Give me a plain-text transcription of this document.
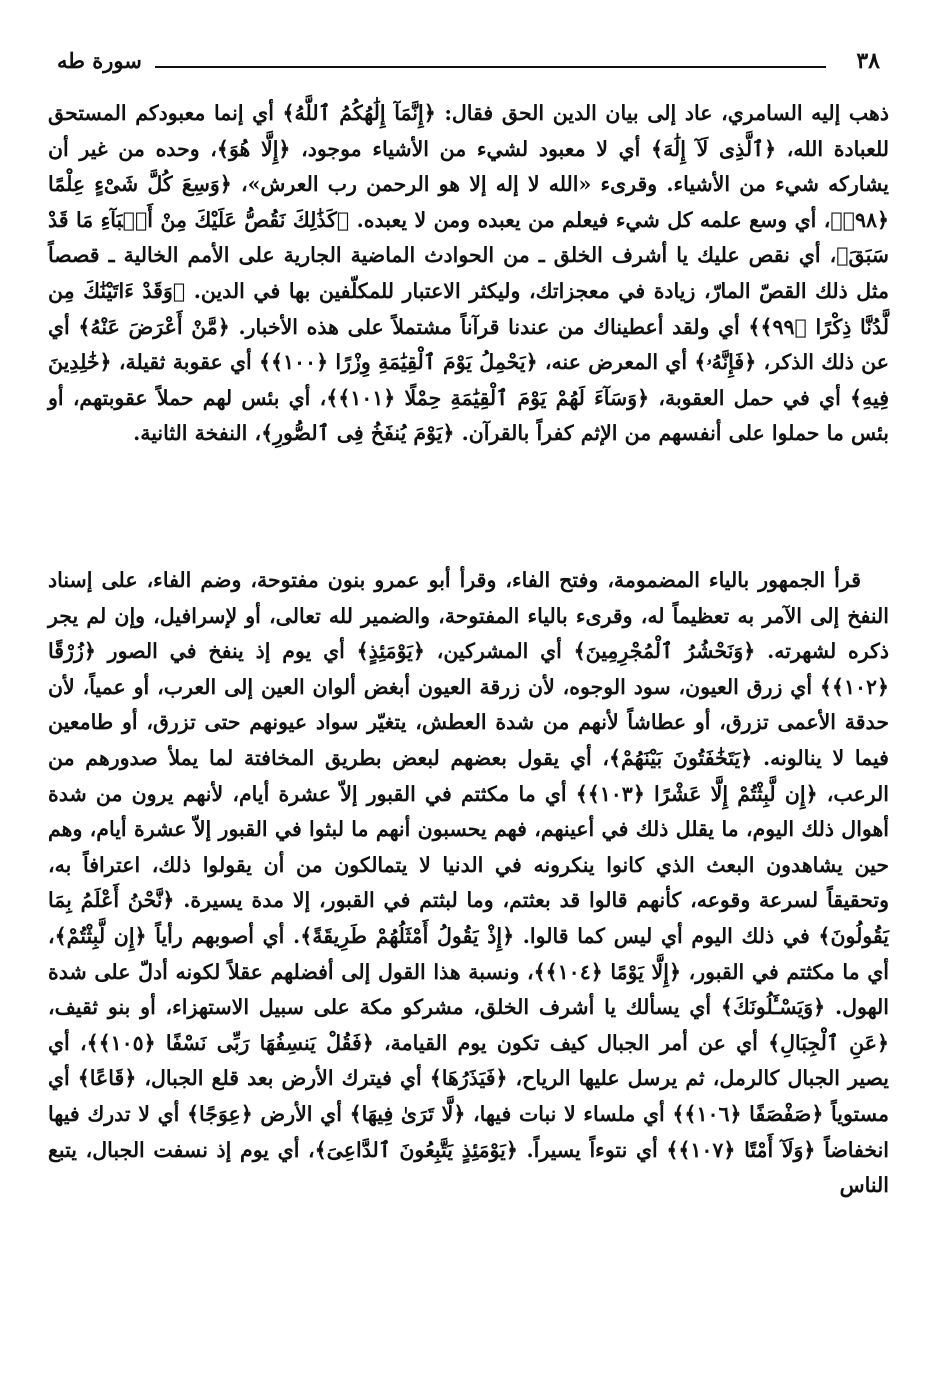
٣٨
سورة طه

ذهب إليه السامري، عاد إلى بيان الدين الحق فقال: ﴿إِنَّمَآ إِلَٰهُكُمُ ٱللَّهُ﴾ أي إنما معبودكم المستحق للعبادة الله، ﴿ٱلَّذِى لَآ إِلَٰهَ﴾ أي لا معبود لشيء من الأشياء موجود، ﴿إِلَّا هُوَ﴾، وحده من غير أن يشاركه شيء من الأشياء. وقرىء «الله لا إله إلا هو الرحمن رب العرش»، ﴿وَسِعَ كُلَّ شَىْءٍ عِلْمًا ﴿٩٨﴾﴾، أي وسع علمه كل شيء فيعلم من يعبده ومن لا يعبده. ﴿كَذَٰلِكَ نَقُصُّ عَلَيْكَ مِنْ أَنۢبَآءِ مَا قَدْ سَبَقَ﴾، أي نقص عليك يا أشرف الخلق ـ من الحوادث الماضية الجارية على الأمم الخالية ـ قصصاً مثل ذلك القصّ المارّ، زيادة في معجزاتك، وليكثر الاعتبار للمكلّفين بها في الدين. ﴿وَقَدْ ءَاتَيْنَٰكَ مِن لَّدُنَّا ذِكْرًا ﴿٩٩﴾﴾ أي ولقد أعطيناك من عندنا قرآناً مشتملاً على هذه الأخبار. ﴿مَّنْ أَعْرَضَ عَنْهُ﴾ أي عن ذلك الذكر، ﴿فَإِنَّهُۥ﴾ أي المعرض عنه، ﴿يَحْمِلُ يَوْمَ ٱلْقِيَٰمَةِ وِزْرًا ﴿١٠٠﴾﴾ أي عقوبة ثقيلة، ﴿خَٰلِدِينَ فِيهِ﴾ أي في حمل العقوبة، ﴿وَسَآءَ لَهُمْ يَوْمَ ٱلْقِيَٰمَةِ حِمْلًا ﴿١٠١﴾﴾، أي بئس لهم حملاً عقوبتهم، أو بئس ما حملوا على أنفسهم من الإثم كفراً بالقرآن. ﴿يَوْمَ يُنفَخُ فِى ٱلصُّورِ﴾، النفخة الثانية.

قرأ الجمهور بالياء المضمومة، وفتح الفاء، وقرأ أبو عمرو بنون مفتوحة، وضم الفاء، على إسناد النفخ إلى الآمر به تعظيماً له، وقرىء بالياء المفتوحة، والضمير لله تعالى، أو لإسرافيل، وإن لم يجر ذكره لشهرته. ﴿وَنَحْشُرُ ٱلْمُجْرِمِينَ﴾ أي المشركين، ﴿يَوْمَئِذٍ﴾ أي يوم إذ ينفخ في الصور ﴿زُرْقًا ﴿١٠٢﴾﴾ أي زرق العيون، سود الوجوه، لأن زرقة العيون أبغض ألوان العين إلى العرب، أو عمياً، لأن حدقة الأعمى تزرق، أو عطاشاً لأنهم من شدة العطش، يتغيّر سواد عيونهم حتى تزرق، أو طامعين فيما لا ينالونه. ﴿يَتَخَٰفَتُونَ بَيْنَهُمْ﴾، أي يقول بعضهم لبعض بطريق المخافتة لما يملأ صدورهم من الرعب، ﴿إِن لَّبِثْتُمْ إِلَّا عَشْرًا ﴿١٠٣﴾﴾ أي ما مكثتم في القبور إلاّ عشرة أيام، لأنهم يرون من شدة أهوال ذلك اليوم، ما يقلل ذلك في أعينهم، فهم يحسبون أنهم ما لبثوا في القبور إلاّ عشرة أيام، وهم حين يشاهدون البعث الذي كانوا ينكرونه في الدنيا لا يتمالكون من أن يقولوا ذلك، اعترافاً به، وتحقيقاً لسرعة وقوعه، كأنهم قالوا قد بعثتم، وما لبثتم في القبور، إلا مدة يسيرة. ﴿نَّحْنُ أَعْلَمُ بِمَا يَقُولُونَ﴾ في ذلك اليوم أي ليس كما قالوا. ﴿إِذْ يَقُولُ أَمْثَلُهُمْ طَرِيقَةً﴾. أي أصوبهم رأياً ﴿إِن لَّبِثْتُمْ﴾، أي ما مكثتم في القبور، ﴿إِلَّا يَوْمًا ﴿١٠٤﴾﴾، ونسبة هذا القول إلى أفضلهم عقلاً لكونه أدلّ على شدة الهول. ﴿وَيَسْـَٔلُونَكَ﴾ أي يسألك يا أشرف الخلق، مشركو مكة على سبيل الاستهزاء، أو بنو ثقيف، ﴿عَنِ ٱلْجِبَالِ﴾ أي عن أمر الجبال كيف تكون يوم القيامة، ﴿فَقُلْ يَنسِفُهَا رَبِّى نَسْفًا ﴿١٠٥﴾﴾، أي يصير الجبال كالرمل، ثم يرسل عليها الرياح، ﴿فَيَذَرُهَا﴾ أي فيترك الأرض بعد قلع الجبال، ﴿قَاعًا﴾ أي مستوياً ﴿صَفْصَفًا ﴿١٠٦﴾﴾ أي ملساء لا نبات فيها، ﴿لَّا تَرَىٰ فِيهَا﴾ أي الأرض ﴿عِوَجًا﴾ أي لا تدرك فيها انخفاضاً ﴿وَلَآ أَمْتًا ﴿١٠٧﴾﴾ أي نتوءاً يسيراً. ﴿يَوْمَئِذٍ يَتَّبِعُونَ ٱلدَّاعِىَ﴾، أي يوم إذ نسفت الجبال، يتبع الناس
